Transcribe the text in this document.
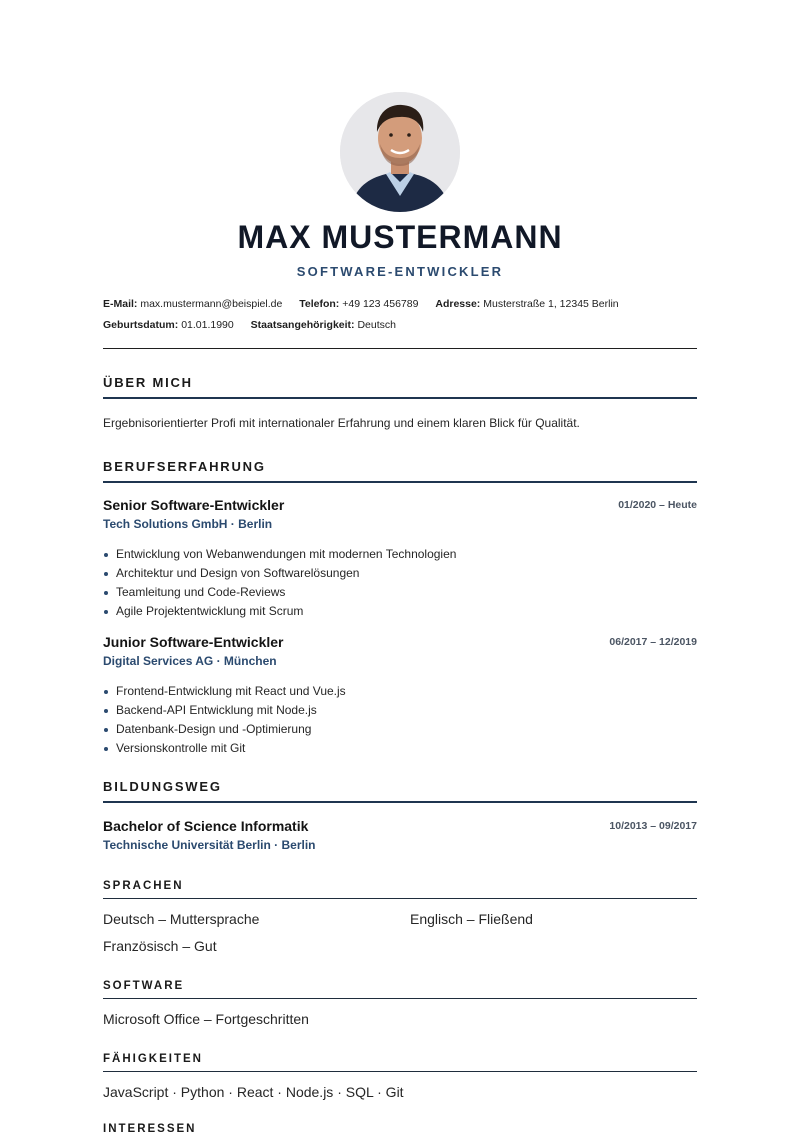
MAX MUSTERMANN
SOFTWARE-ENTWICKLER
E-Mail: max.mustermann@beispiel.de Telefon: +49 123 456789 Adresse: Musterstraße 1, 12345 Berlin
Geburtsdatum: 01.01.1990 Staatsangehörigkeit: Deutsch
ÜBER MICH
Ergebnisorientierter Profi mit internationaler Erfahrung und einem klaren Blick für Qualität.
BERUFSERFAHRUNG
Senior Software-Entwickler	01/2020 – Heute
Tech Solutions GmbH · Berlin
Entwicklung von Webanwendungen mit modernen Technologien
Architektur und Design von Softwarelösungen
Teamleitung und Code-Reviews
Agile Projektentwicklung mit Scrum
Junior Software-Entwickler	06/2017 – 12/2019
Digital Services AG · München
Frontend-Entwicklung mit React und Vue.js
Backend-API Entwicklung mit Node.js
Datenbank-Design und -Optimierung
Versionskontrolle mit Git
BILDUNGSWEG
Bachelor of Science Informatik	10/2013 – 09/2017
Technische Universität Berlin · Berlin
SPRACHEN
Deutsch – Muttersprache	Englisch – Fließend
Französisch – Gut
SOFTWARE
Microsoft Office – Fortgeschritten
FÄHIGKEITEN
JavaScript · Python · React · Node.js · SQL · Git
INTERESSEN
